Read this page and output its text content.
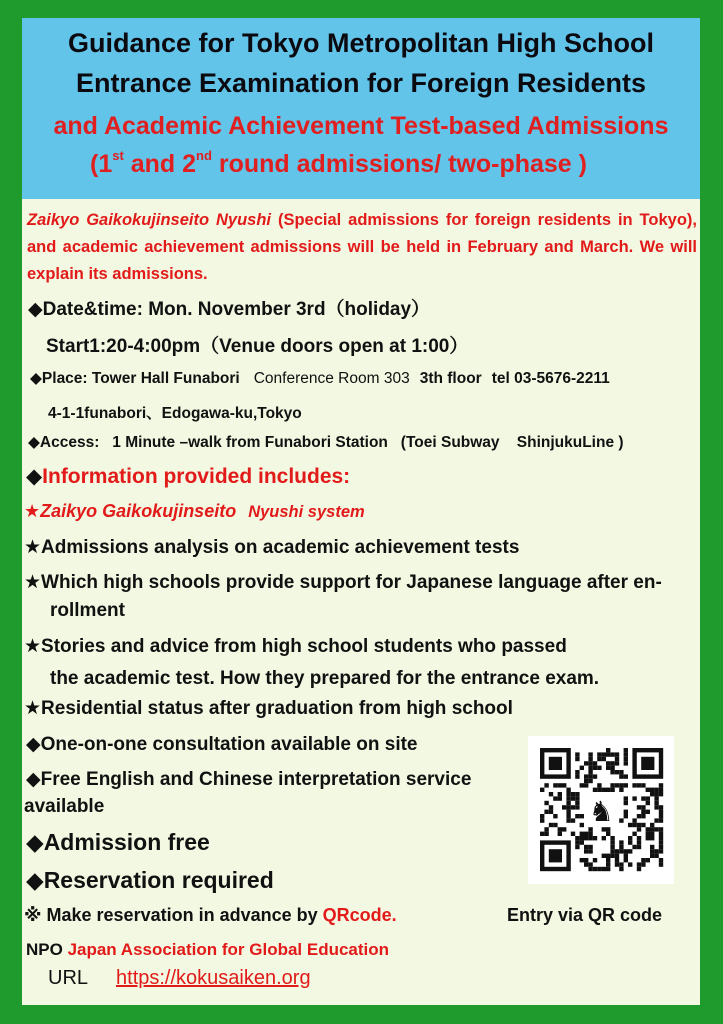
Guidance for Tokyo Metropolitan High School
Entrance Examination for Foreign Residents
and Academic Achievement Test-based Admissions
(1st and 2nd round admissions/ two-phase )
Zaikyo Gaikokujinseito Nyushi (Special admissions for foreign residents in Tokyo), and academic achievement admissions will be held in February and March. We will explain its admissions.
◆Date&time: Mon. November 3rd（holiday）
Start1:20-4:00pm（Venue doors open at 1:00）
◆Place: Tower Hall Funabori Conference Room 303 3th floor tel 03-5676-2211
4-1-1funabori、Edogawa-ku,Tokyo
◆Access:   1 Minute –walk from Funabori Station   (Toei Subway    ShinjukuLine )
◆Information provided includes:
★Zaikyo Gaikokujinseito Nyushi system
★Admissions analysis on academic achievement tests
★Which high schools provide support for Japanese language after en-
rollment
★Stories and advice from high school students who passed
the academic test. How they prepared for the entrance exam.
★Residential status after graduation from high school
◆One-on-one consultation available on site
◆Free English and Chinese interpretation service
available
◆Admission free
◆Reservation required
※ Make reservation in advance by QRcode.	Entry via QR code
NPO Japan Association for Global Education
URL https://kokusaiken.org
♞
